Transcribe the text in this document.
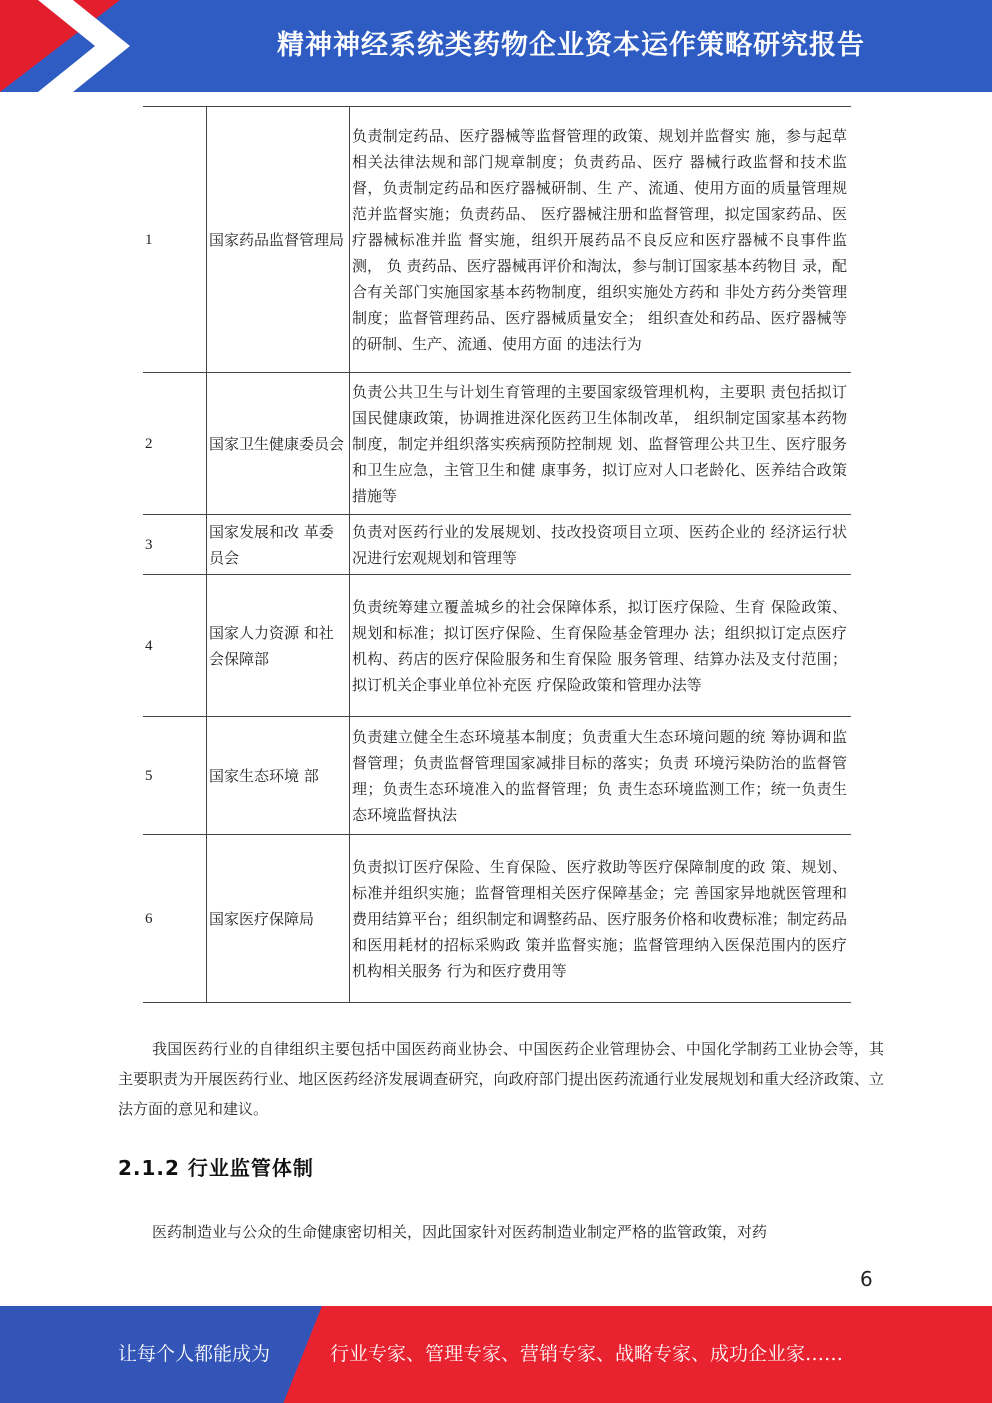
精神神经系统类药物企业资本运作策略研究报告
1	国家药品监督管理局	负责制定药品、医疗器械等监督管理的政策、规划并监督实 施，参与起草相关法律法规和部门规章制度；负责药品、医疗 器械行政监督和技术监督，负责制定药品和医疗器械研制、生 产、流通、使用方面的质量管理规范并监督实施；负责药品、 医疗器械注册和监督管理，拟定国家药品、医疗器械标准并监 督实施，组织开展药品不良反应和医疗器械不良事件监测， 负 责药品、医疗器械再评价和淘汰，参与制订国家基本药物目 录，配合有关部门实施国家基本药物制度，组织实施处方药和 非处方药分类管理制度；监督管理药品、医疗器械质量安全； 组织查处和药品、医疗器械等的研制、生产、流通、使用方面 的违法行为
2	国家卫生健康委员会	负责公共卫生与计划生育管理的主要国家级管理机构，主要职 责包括拟订国民健康政策，协调推进深化医药卫生体制改革， 组织制定国家基本药物制度，制定并组织落实疾病预防控制规 划、监督管理公共卫生、医疗服务和卫生应急，主管卫生和健 康事务，拟订应对人口老龄化、医养结合政策措施等
3	国家发展和改 革委员会	负责对医药行业的发展规划、技改投资项目立项、医药企业的 经济运行状况进行宏观规划和管理等
4	国家人力资源 和社会保障部	负责统筹建立覆盖城乡的社会保障体系，拟订医疗保险、生育 保险政策、规划和标准；拟订医疗保险、生育保险基金管理办 法；组织拟订定点医疗机构、药店的医疗保险服务和生育保险 服务管理、结算办法及支付范围；拟订机关企事业单位补充医 疗保险政策和管理办法等
5	国家生态环境 部	负责建立健全生态环境基本制度；负责重大生态环境问题的统 筹协调和监督管理；负责监督管理国家减排目标的落实；负责 环境污染防治的监督管理；负责生态环境准入的监督管理；负 责生态环境监测工作；统一负责生态环境监督执法
6	国家医疗保障局	负责拟订医疗保险、生育保险、医疗救助等医疗保障制度的政 策、规划、标准并组织实施；监督管理相关医疗保障基金；完 善国家异地就医管理和费用结算平台；组织制定和调整药品、医疗服务价格和收费标准；制定药品和医用耗材的招标采购政 策并监督实施；监督管理纳入医保范围内的医疗机构相关服务 行为和医疗费用等

我国医药行业的自律组织主要包括中国医药商业协会、中国医药企业管理协会、中国化学制药工业协会等，其主要职责为开展医药行业、地区医药经济发展调查研究，向政府部门提出医药流通行业发展规划和重大经济政策、立法方面的意见和建议。

2.1.2 行业监管体制

医药制造业与公众的生命健康密切相关，因此国家针对医药制造业制定严格的监管政策，对药

6
让每个人都能成为	行业专家、管理专家、营销专家、战略专家、成功企业家……
